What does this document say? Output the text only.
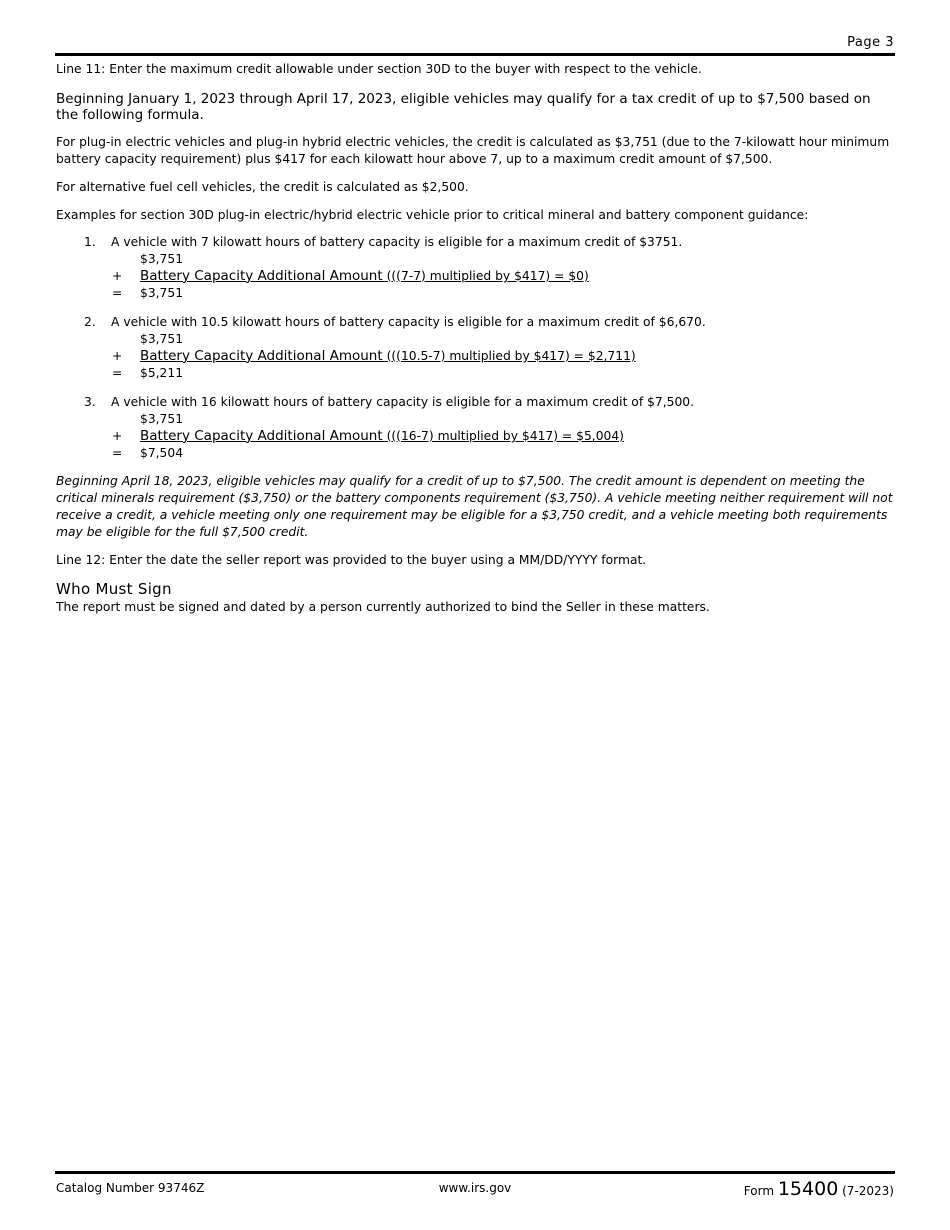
Page 3

Line 11: Enter the maximum credit allowable under section 30D to the buyer with respect to the vehicle.

Beginning January 1, 2023 through April 17, 2023, eligible vehicles may qualify for a tax credit of up to $7,500 based on the following formula.

For plug-in electric vehicles and plug-in hybrid electric vehicles, the credit is calculated as $3,751 (due to the 7-kilowatt hour minimum battery capacity requirement) plus $417 for each kilowatt hour above 7, up to a maximum credit amount of $7,500.

For alternative fuel cell vehicles, the credit is calculated as $2,500.

Examples for section 30D plug-in electric/hybrid electric vehicle prior to critical mineral and battery component guidance:

1.	A vehicle with 7 kilowatt hours of battery capacity is eligible for a maximum credit of $3751.
$3,751
+	Battery Capacity Additional Amount (((7-7) multiplied by $417) = $0)
=	$3,751
2.	A vehicle with 10.5 kilowatt hours of battery capacity is eligible for a maximum credit of $6,670.
$3,751
+	Battery Capacity Additional Amount (((10.5-7) multiplied by $417) = $2,711)
=	$5,211
3.	A vehicle with 16 kilowatt hours of battery capacity is eligible for a maximum credit of $7,500.
$3,751
+	Battery Capacity Additional Amount (((16-7) multiplied by $417) = $5,004)
=	$7,504

Beginning April 18, 2023, eligible vehicles may qualify for a credit of up to $7,500. The credit amount is dependent on meeting the critical minerals requirement ($3,750) or the battery components requirement ($3,750). A vehicle meeting neither requirement will not receive a credit, a vehicle meeting only one requirement may be eligible for a $3,750 credit, and a vehicle meeting both requirements may be eligible for the full $7,500 credit.

Line 12: Enter the date the seller report was provided to the buyer using a MM/DD/YYYY format.

Who Must Sign

The report must be signed and dated by a person currently authorized to bind the Seller in these matters.

Catalog Number 93746Z	www.irs.gov	Form 15400 (7-2023)
